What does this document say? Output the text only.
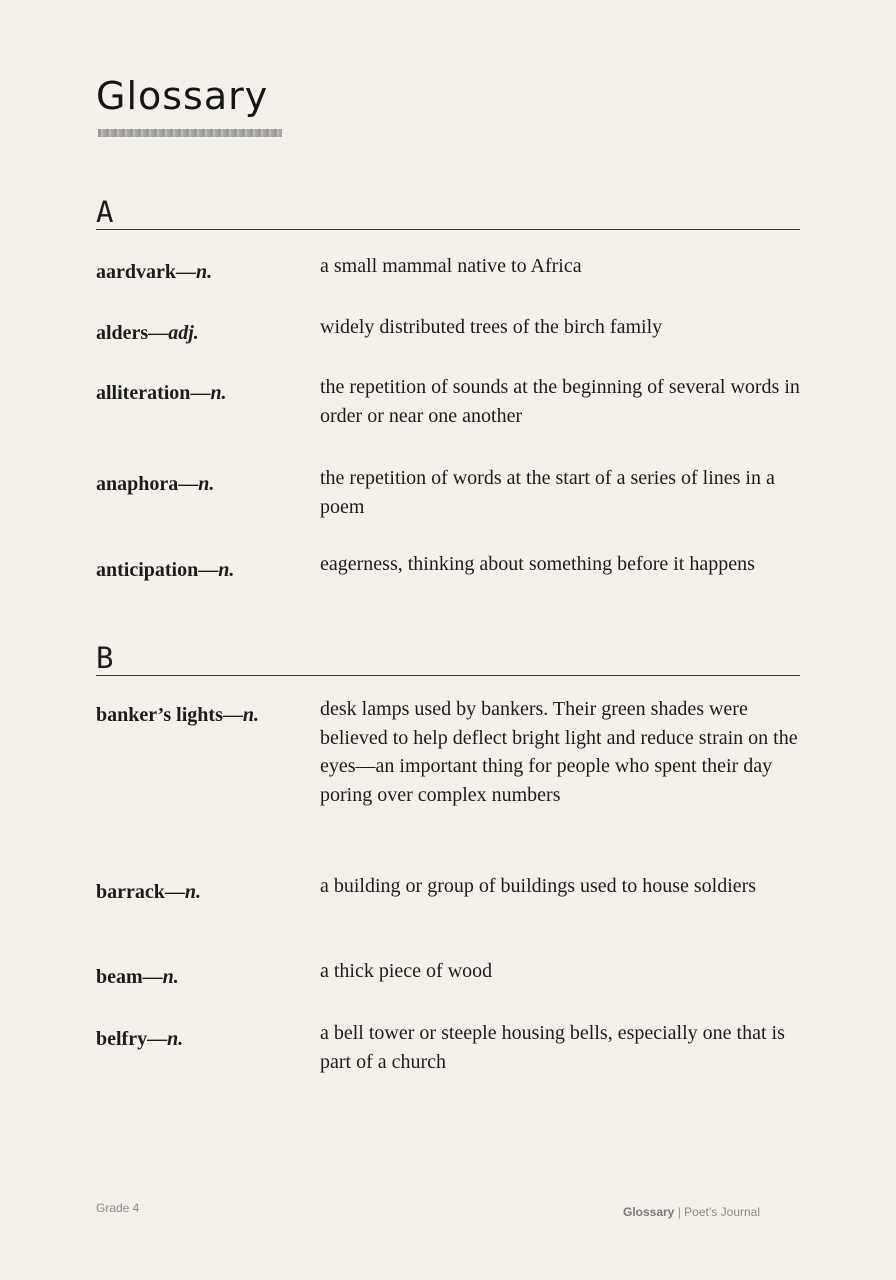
Glossary
A
aardvark—n.	a small mammal native to Africa
alders—adj.	widely distributed trees of the birch family
alliteration—n.	the repetition of sounds at the beginning of several words in order or near one another
anaphora—n.	the repetition of words at the start of a series of lines in a poem
anticipation—n.	eagerness, thinking about something before it happens
B
banker’s lights—n.	desk lamps used by bankers. Their green shades were believed to help deflect bright light and reduce strain on the eyes—an important thing for people who spent their day poring over complex numbers
barrack—n.	a building or group of buildings used to house soldiers
beam—n.	a thick piece of wood
belfry—n.	a bell tower or steeple housing bells, especially one that is part of a church
Grade 4	Glossary | Poet’s Journal
